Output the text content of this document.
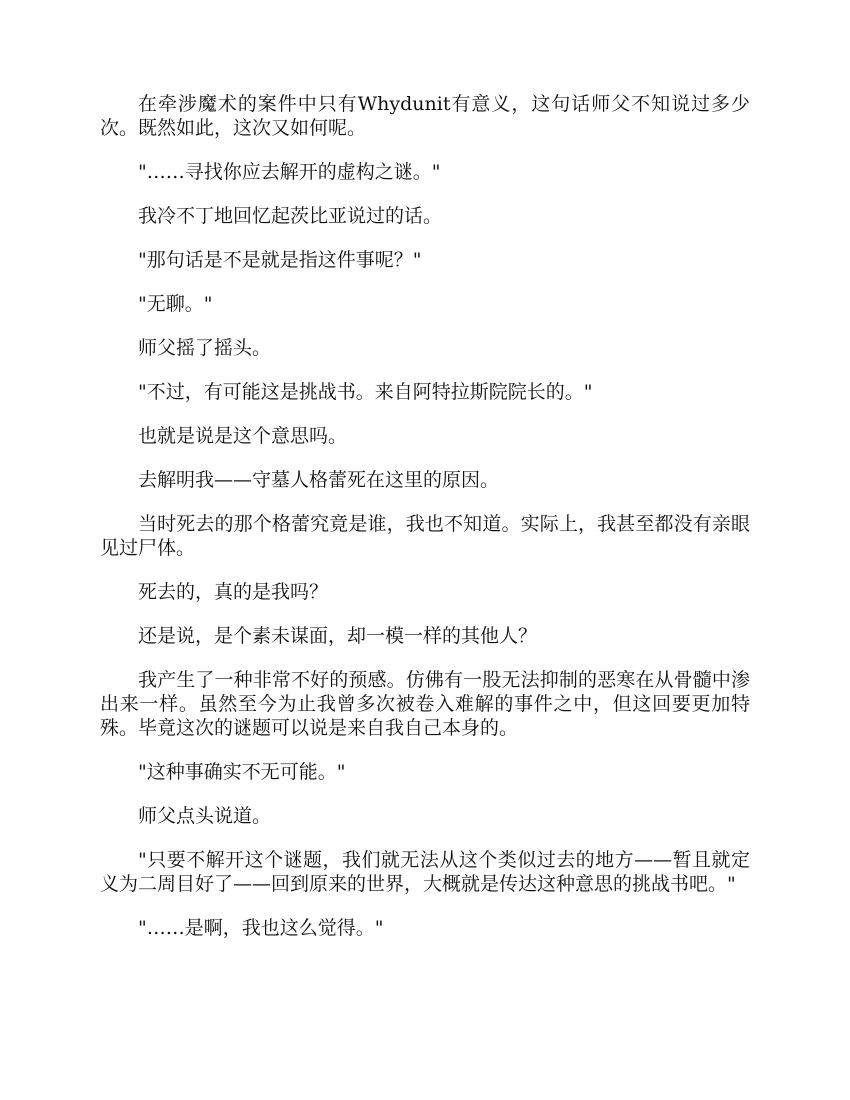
在牵涉魔术的案件中只有Whydunit有意义，这句话师父不知说过多少次。既然如此，这次又如何呢。

"……寻找你应去解开的虚构之谜。"

我冷不丁地回忆起茨比亚说过的话。

"那句话是不是就是指这件事呢？"

"无聊。"

师父摇了摇头。

"不过，有可能这是挑战书。来自阿特拉斯院院长的。"

也就是说是这个意思吗。

去解明我——守墓人格蕾死在这里的原因。

当时死去的那个格蕾究竟是谁，我也不知道。实际上，我甚至都没有亲眼见过尸体。

死去的，真的是我吗？

还是说，是个素未谋面，却一模一样的其他人？

我产生了一种非常不好的预感。仿佛有一股无法抑制的恶寒在从骨髓中渗出来一样。虽然至今为止我曾多次被卷入难解的事件之中，但这回要更加特殊。毕竟这次的谜题可以说是来自我自己本身的。

"这种事确实不无可能。"

师父点头说道。

"只要不解开这个谜题，我们就无法从这个类似过去的地方——暂且就定义为二周目好了——回到原来的世界，大概就是传达这种意思的挑战书吧。"

"……是啊，我也这么觉得。"
